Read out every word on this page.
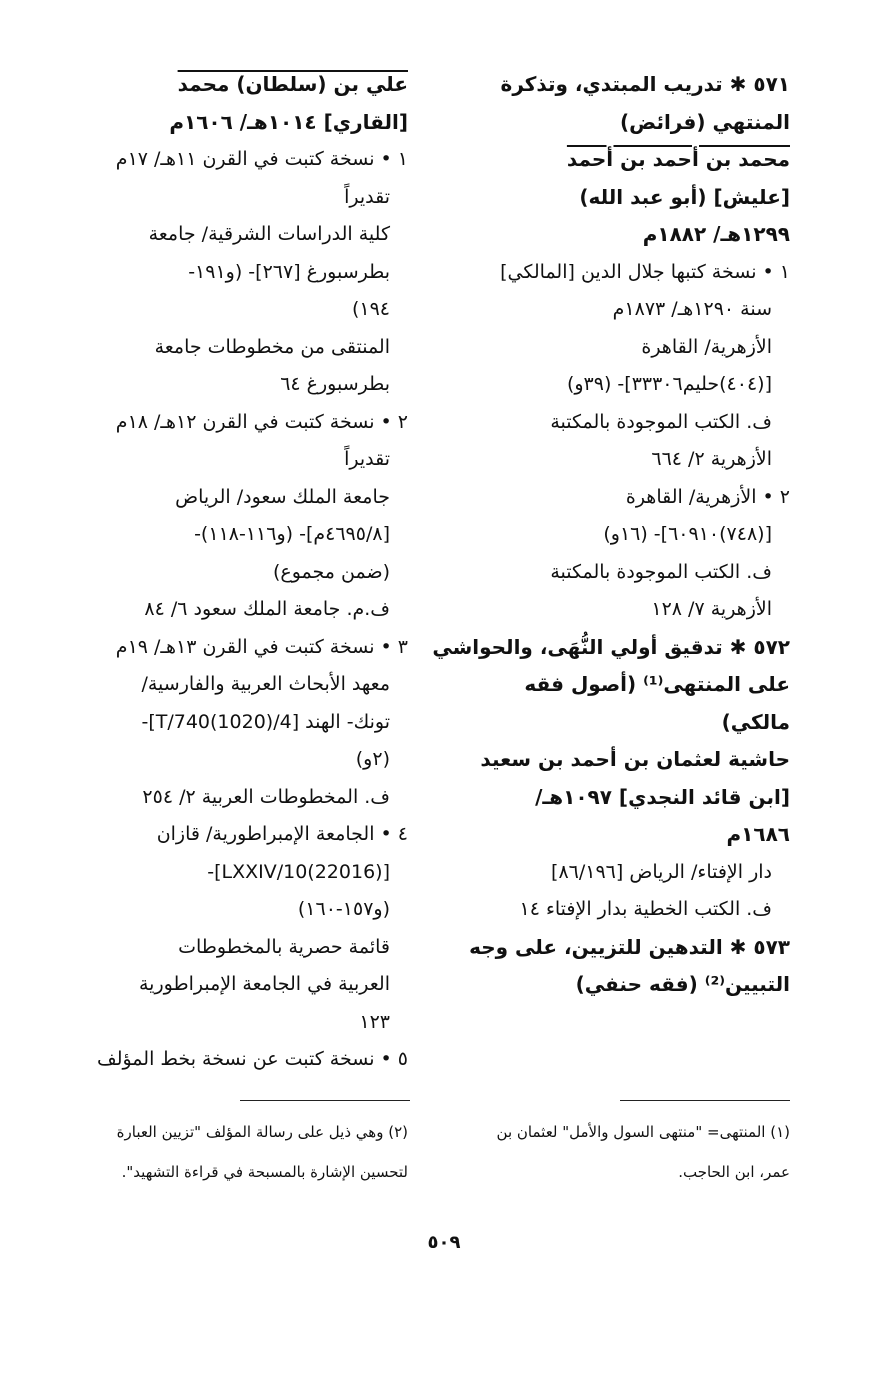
٥٧١ ✱ تدريب المبتدي، وتذكرة
المنتهي (فرائض)
محمد بن أحمد بن أحمد
[عليش] (أبو عبد الله)
١٢٩٩هـ/ ١٨٨٢م
١ • نسخة كتبها جلال الدين [المالكي]
سنة ١٢٩٠هـ/ ١٨٧٣م
الأزهرية/ القاهرة
[(٤٠٤)حليم٣٣٣٠٦]- (٣٩و)
ف. الكتب الموجودة بالمكتبة
الأزهرية ٢/ ٦٦٤
٢ • الأزهرية/ القاهرة
[(٧٤٨)٦٠٩١٠]- (١٦و)
ف. الكتب الموجودة بالمكتبة
الأزهرية ٧/ ١٢٨
٥٧٢ ✱ تدقيق أولي النُّهَى، والحواشي
على المنتهى⁽¹⁾ (أصول فقه
مالكي)
حاشية لعثمان بن أحمد بن سعيد
[ابن قائد النجدي] ١٠٩٧هـ/
١٦٨٦م
دار الإفتاء/ الرياض [٨٦/١٩٦]
ف. الكتب الخطية بدار الإفتاء ١٤
٥٧٣ ✱ التدهين للتزيين، على وجه
التبيين⁽²⁾ (فقه حنفي)
علي بن (سلطان) محمد
[القاري] ١٠١٤هـ/ ١٦٠٦م
١ • نسخة كتبت في القرن ١١هـ/ ١٧م
تقديراً
كلية الدراسات الشرقية/ جامعة
بطرسبورغ [٢٦٧]- (و١٩١-
١٩٤)
المنتقى من مخطوطات جامعة
بطرسبورغ ٦٤
٢ • نسخة كتبت في القرن ١٢هـ/ ١٨م
تقديراً
جامعة الملك سعود/ الرياض
[٤٦٩٥/٨م]- (و١١٦-١١٨)-
(ضمن مجموع)
ف.م. جامعة الملك سعود ٦/ ٨٤
٣ • نسخة كتبت في القرن ١٣هـ/ ١٩م
معهد الأبحاث العربية والفارسية/
تونك- الهند [4/T/740(1020)]-
(٢و)
ف. المخطوطات العربية ٢/ ٢٥٤
٤ • الجامعة الإمبراطورية/ قازان
[LXXIV/10(22016)]-
(و١٥٧-١٦٠)
قائمة حصرية بالمخطوطات
العربية في الجامعة الإمبراطورية
١٢٣
٥ • نسخة كتبت عن نسخة بخط المؤلف
(١) المنتهى= "منتهى السول والأمل" لعثمان بن
عمر، ابن الحاجب.
(٢) وهي ذيل على رسالة المؤلف "تزيين العبارة
لتحسين الإشارة بالمسبحة في قراءة التشهيد".
٥٠٩
